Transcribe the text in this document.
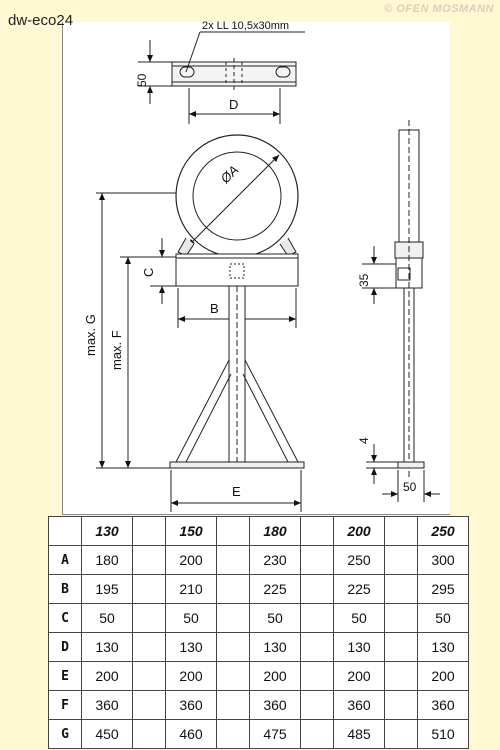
dw-eco24
© OFEN MOSMANN
2x LL 10,5x30mm
50
D
ØA
C
B
max. G max. F
E
35
4
50
	130		150		180		200		250
A	180		200		230		250		300
B	195		210		225		225		295
C	50		50		50		50		50
D	130		130		130		130		130
E	200		200		200		200		200
F	360		360		360		360		360
G	450		460		475		485		510
